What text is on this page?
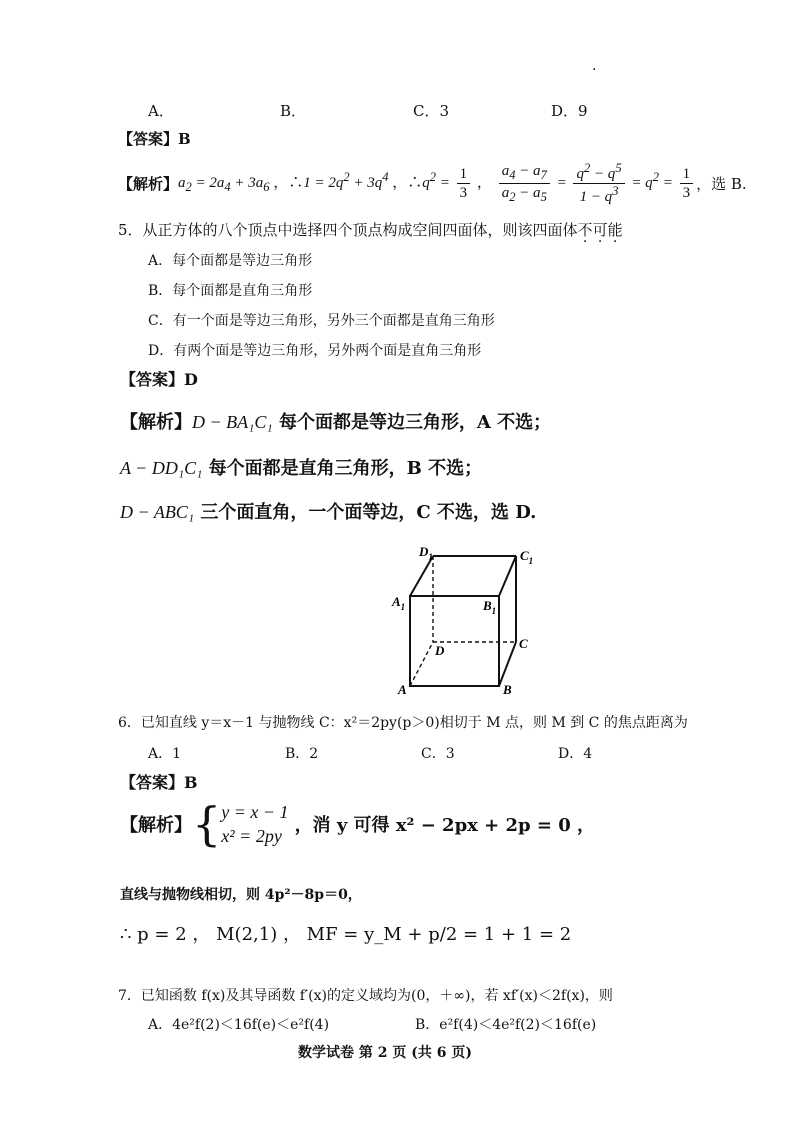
.
A．	B．	C．3	D．9
【答案】B
【解析】 $a_2 = 2a_4 + 3a_6$ ，∴1 = $2q^2 + 3q^4$ ，$\therefore q^2 = \frac{1}{3}$ ， $\frac{a_4 - a_7}{a_2 - a_5} = \frac{q^2 - q^5}{1 - q^3} = q^2 = \frac{1}{3}$ ，选 B.
5．从正方体的八个顶点中选择四个顶点构成空间四面体，则该四面体不可能
A．每个面都是等边三角形
B．每个面都是直角三角形
C．有一个面是等边三角形，另外三个面都是直角三角形
D．有两个面是等边三角形，另外两个面是直角三角形
【答案】D
【解析】D − BA₁C₁ 每个面都是等边三角形，A 不选；
A − DD₁C₁ 每个面都是直角三角形，B 不选；
D − ABC₁ 三个面直角，一个面等边，C 不选，选 D.
$D_1$	$C_1$
$A_1$	$B_1$
D	C
A	B
6．已知直线 y＝x－1 与抛物线 C：x²＝2py(p＞0)相切于 M 点，则 M 到 C 的焦点距离为
A．1	B．2	C．3	D．4
【答案】B
【解析】 { y = x − 1
x² = 2py ，消 y 可得 x² − 2px + 2p = 0 ，
直线与抛物线相切，则 4p²－8p＝0，
∴ p = 2 ， M(2,1) ， MF = y_M + p/2 = 1 + 1 = 2
7．已知函数 f(x)及其导函数 f′(x)的定义域均为(0，＋∞)，若 xf′(x)＜2f(x)，则
A．4e²f(2)＜16f(e)＜e²f(4)	B．e²f(4)＜4e²f(2)＜16f(e)
数学试卷 第 2 页 (共 6 页)
